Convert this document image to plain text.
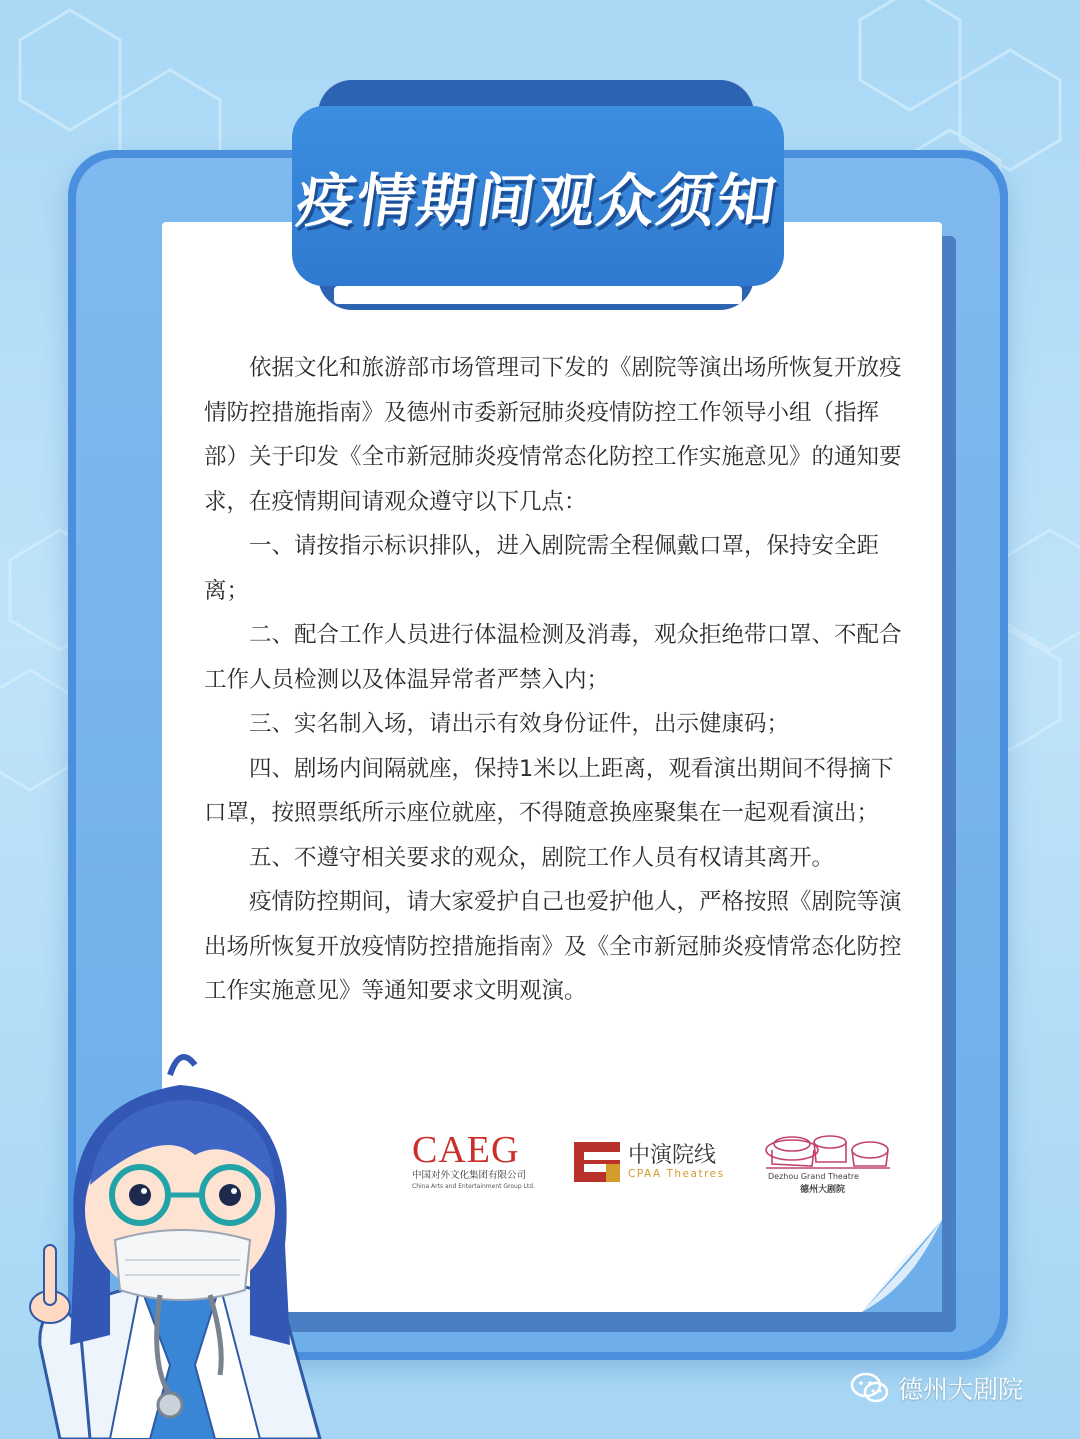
疫情期间观众须知

依据文化和旅游部市场管理司下发的《剧院等演出场所恢复开放疫情防控措施指南》及德州市委新冠肺炎疫情防控工作领导小组（指挥部）关于印发《全市新冠肺炎疫情常态化防控工作实施意见》的通知要求，在疫情期间请观众遵守以下几点：

一、请按指示标识排队，进入剧院需全程佩戴口罩，保持安全距离；

二、配合工作人员进行体温检测及消毒，观众拒绝带口罩、不配合工作人员检测以及体温异常者严禁入内；

三、实名制入场，请出示有效身份证件，出示健康码；

四、剧场内间隔就座，保持1米以上距离，观看演出期间不得摘下口罩，按照票纸所示座位就座，不得随意换座聚集在一起观看演出；

五、不遵守相关要求的观众，剧院工作人员有权请其离开。

疫情防控期间，请大家爱护自己也爱护他人，严格按照《剧院等演出场所恢复开放疫情防控措施指南》及《全市新冠肺炎疫情常态化防控工作实施意见》等通知要求文明观演。

CAEG
中国对外文化集团有限公司
China Arts and Entertainment Group Ltd.
中演院线
CPAA Theatres	Dezhou Grand Theatre
德州大剧院
德州大剧院
